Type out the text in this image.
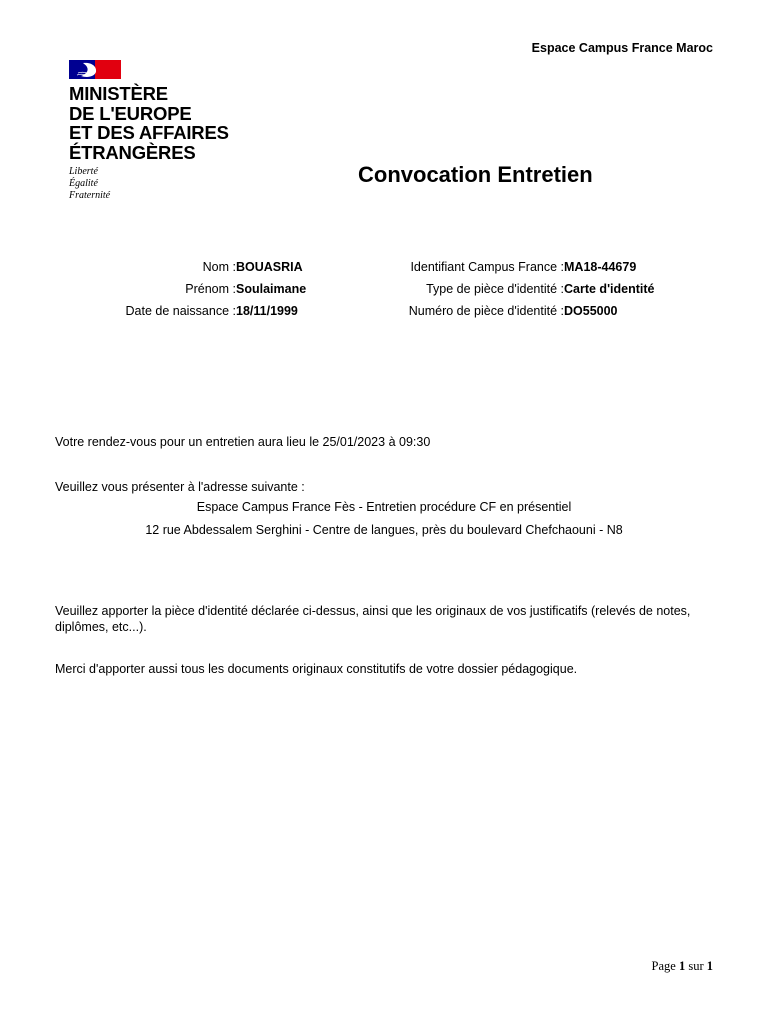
Espace Campus France Maroc
MINISTÈRE
DE L'EUROPE
ET DES AFFAIRES
ÉTRANGÈRES
Liberté
Égalité
Fraternité
Convocation Entretien
Nom :BOUASRIA
Prénom :Soulaimane
Date de naissance :18/11/1999
Identifiant Campus France :MA18-44679
Type de pièce d'identité :Carte d'identité
Numéro de pièce d'identité :DO55000
Votre rendez-vous pour un entretien aura lieu le 25/01/2023 à 09:30
Veuillez vous présenter à l'adresse suivante :
Espace Campus France Fès - Entretien procédure CF en présentiel
12 rue Abdessalem Serghini - Centre de langues, près du boulevard Chefchaouni - N8
Veuillez apporter la pièce d'identité déclarée ci-dessus, ainsi que les originaux de vos justificatifs (relevés de notes, diplômes, etc...).
Merci d'apporter aussi tous les documents originaux constitutifs de votre dossier pédagogique.
Page 1 sur 1
